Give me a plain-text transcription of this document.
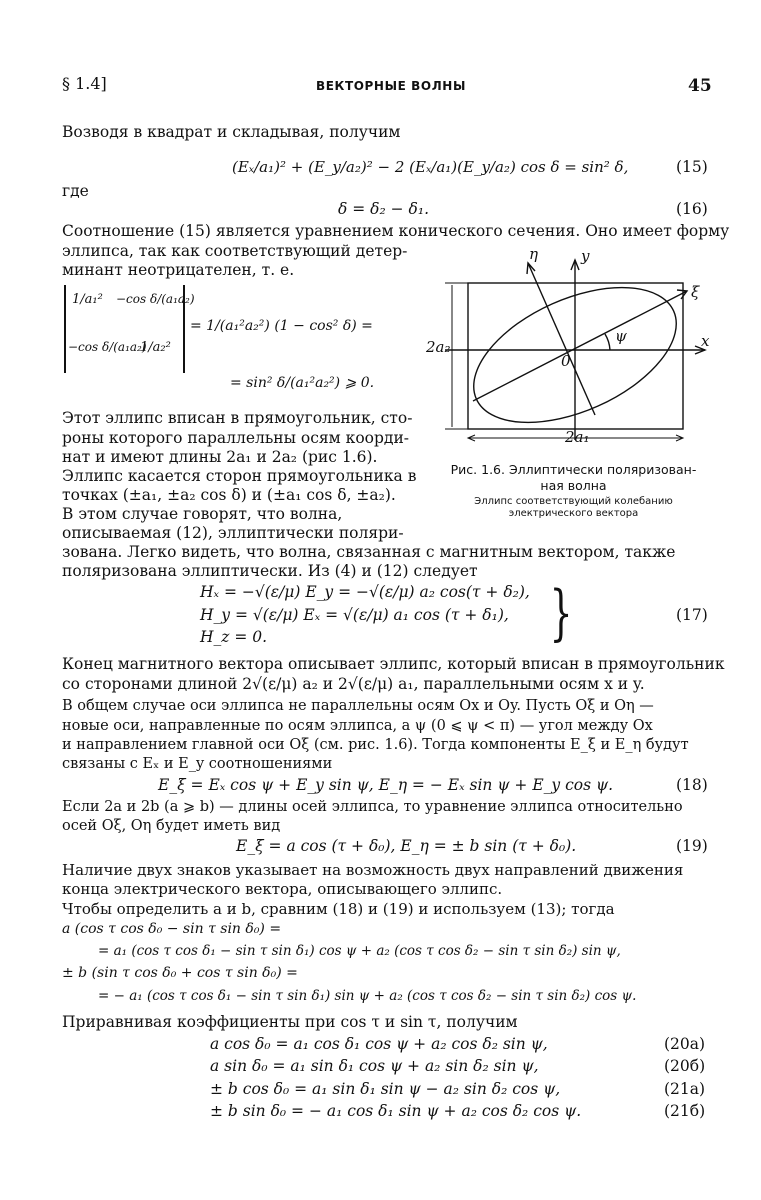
§ 1.4]	ВЕКТОРНЫЕ ВОЛНЫ	45
Возводя в квадрат и складывая, получим
(Eₓ/a₁)² + (E_y/a₂)² − 2 (Eₓ/a₁)(E_y/a₂) cos δ = sin² δ,	(15)
где
δ = δ₂ − δ₁.	(16)
Соотношение (15) является уравнением конического сечения. Оно имеет форму
эллипса, так как соответствующий детер-
минант неотрицателен, т. е.
1/a₁² −cos δ/(a₁a₂)
−cos δ/(a₁a₂)
1/a₂²
= 1/(a₁²a₂²) (1 − cos² δ) =
= sin² δ/(a₁²a₂²) ⩾ 0.
Этот эллипс вписан в прямоугольник, сто-
роны которого параллельны осям коорди-
нат и имеют длины 2a₁ и 2a₂ (рис 1.6).
Эллипс касается сторон прямоугольника в
точках (±a₁, ±a₂ cos δ) и (±a₁ cos δ, ±a₂).
В этом случае говорят, что волна,
описываемая (12), эллиптически поляри-
η	y
ξ
x
ψ
0
2a₂
2a₁
Рис. 1.6. Эллиптически поляризован-
ная волна
Эллипс соответствующий колебанию
электрического вектора
зована. Легко видеть, что волна, связанная с магнитным вектором, также
поляризована эллиптически. Из (4) и (12) следует
Hₓ = −√(ε/μ) E_y = −√(ε/μ) a₂ cos(τ + δ₂),
H_y = √(ε/μ) Eₓ = √(ε/μ) a₁ cos (τ + δ₁),
H_z = 0.	}	(17)
Конец магнитного вектора описывает эллипс, который вписан в прямоугольник
со сторонами длиной 2√(ε/μ) a₂ и 2√(ε/μ) a₁, параллельными осям x и y.
В общем случае оси эллипса не параллельны осям Ox и Oy. Пусть Oξ и Oη —
новые оси, направленные по осям эллипса, а ψ (0 ⩽ ψ < π) — угол между Ox
и направлением главной оси Oξ (см. рис. 1.6). Тогда компоненты E_ξ и E_η будут
связаны с Eₓ и E_y соотношениями
E_ξ = Eₓ cos ψ + E_y sin ψ, E_η = − Eₓ sin ψ + E_y cos ψ.	(18)
Если 2a и 2b (a ⩾ b) — длины осей эллипса, то уравнение эллипса относительно
осей Oξ, Oη будет иметь вид
E_ξ = a cos (τ + δ₀), E_η = ± b sin (τ + δ₀).	(19)
Наличие двух знаков указывает на возможность двух направлений движения
конца электрического вектора, описывающего эллипс.
Чтобы определить a и b, сравним (18) и (19) и используем (13); тогда
a (cos τ cos δ₀ − sin τ sin δ₀) =
= a₁ (cos τ cos δ₁ − sin τ sin δ₁) cos ψ + a₂ (cos τ cos δ₂ − sin τ sin δ₂) sin ψ,
± b (sin τ cos δ₀ + cos τ sin δ₀) =
= − a₁ (cos τ cos δ₁ − sin τ sin δ₁) sin ψ + a₂ (cos τ cos δ₂ − sin τ sin δ₂) cos ψ.
Приравнивая коэффициенты при cos τ и sin τ, получим
a cos δ₀ = a₁ cos δ₁ cos ψ + a₂ cos δ₂ sin ψ,	(20а)
a sin δ₀ = a₁ sin δ₁ cos ψ + a₂ sin δ₂ sin ψ,	(20б)
± b cos δ₀ = a₁ sin δ₁ sin ψ − a₂ sin δ₂ cos ψ,	(21а)
± b sin δ₀ = − a₁ cos δ₁ sin ψ + a₂ cos δ₂ cos ψ.	(21б)
